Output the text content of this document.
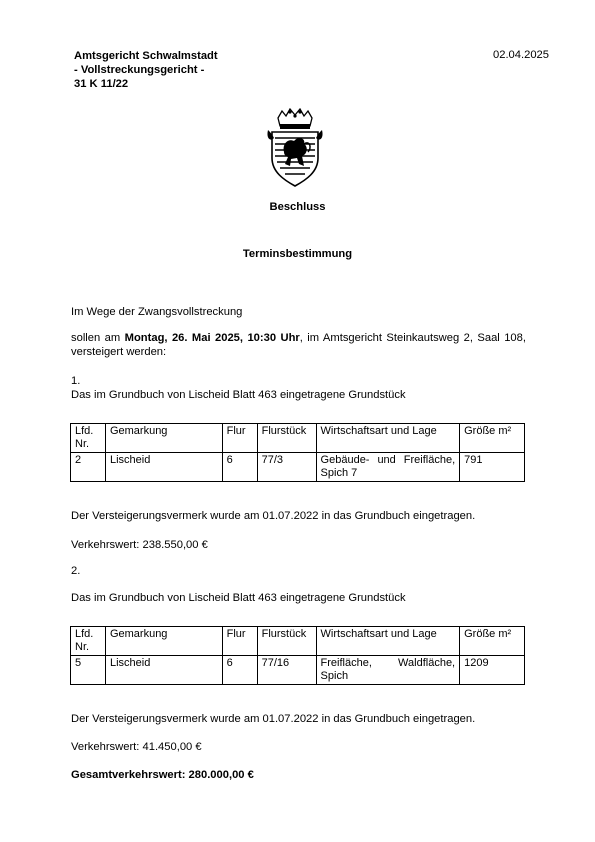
Amtsgericht Schwalmstadt
- Vollstreckungsgericht -
31 K 11/22
02.04.2025
Beschluss
Terminsbestimmung
Im Wege der Zwangsvollstreckung
sollen am Montag, 26. Mai 2025, 10:30 Uhr, im Amtsgericht Steinkautsweg 2, Saal 108, versteigert werden:
1.
Das im Grundbuch von Lischeid Blatt 463 eingetragene Grundstück
Lfd. Nr.	Gemarkung	Flur	Flurstück	Wirtschaftsart und Lage	Größe m²
2	Lischeid	6	77/3	Gebäude- und Freifläche, Spich 7	791
Der Versteigerungsvermerk wurde am 01.07.2022 in das Grundbuch eingetragen.
Verkehrswert: 238.550,00 €
2.
Das im Grundbuch von Lischeid Blatt 463 eingetragene Grundstück
Lfd. Nr.	Gemarkung	Flur	Flurstück	Wirtschaftsart und Lage	Größe m²
5	Lischeid	6	77/16	Freifläche, Waldfläche, Spich	1209
Der Versteigerungsvermerk wurde am 01.07.2022 in das Grundbuch eingetragen.
Verkehrswert: 41.450,00 €
Gesamtverkehrswert: 280.000,00 €
